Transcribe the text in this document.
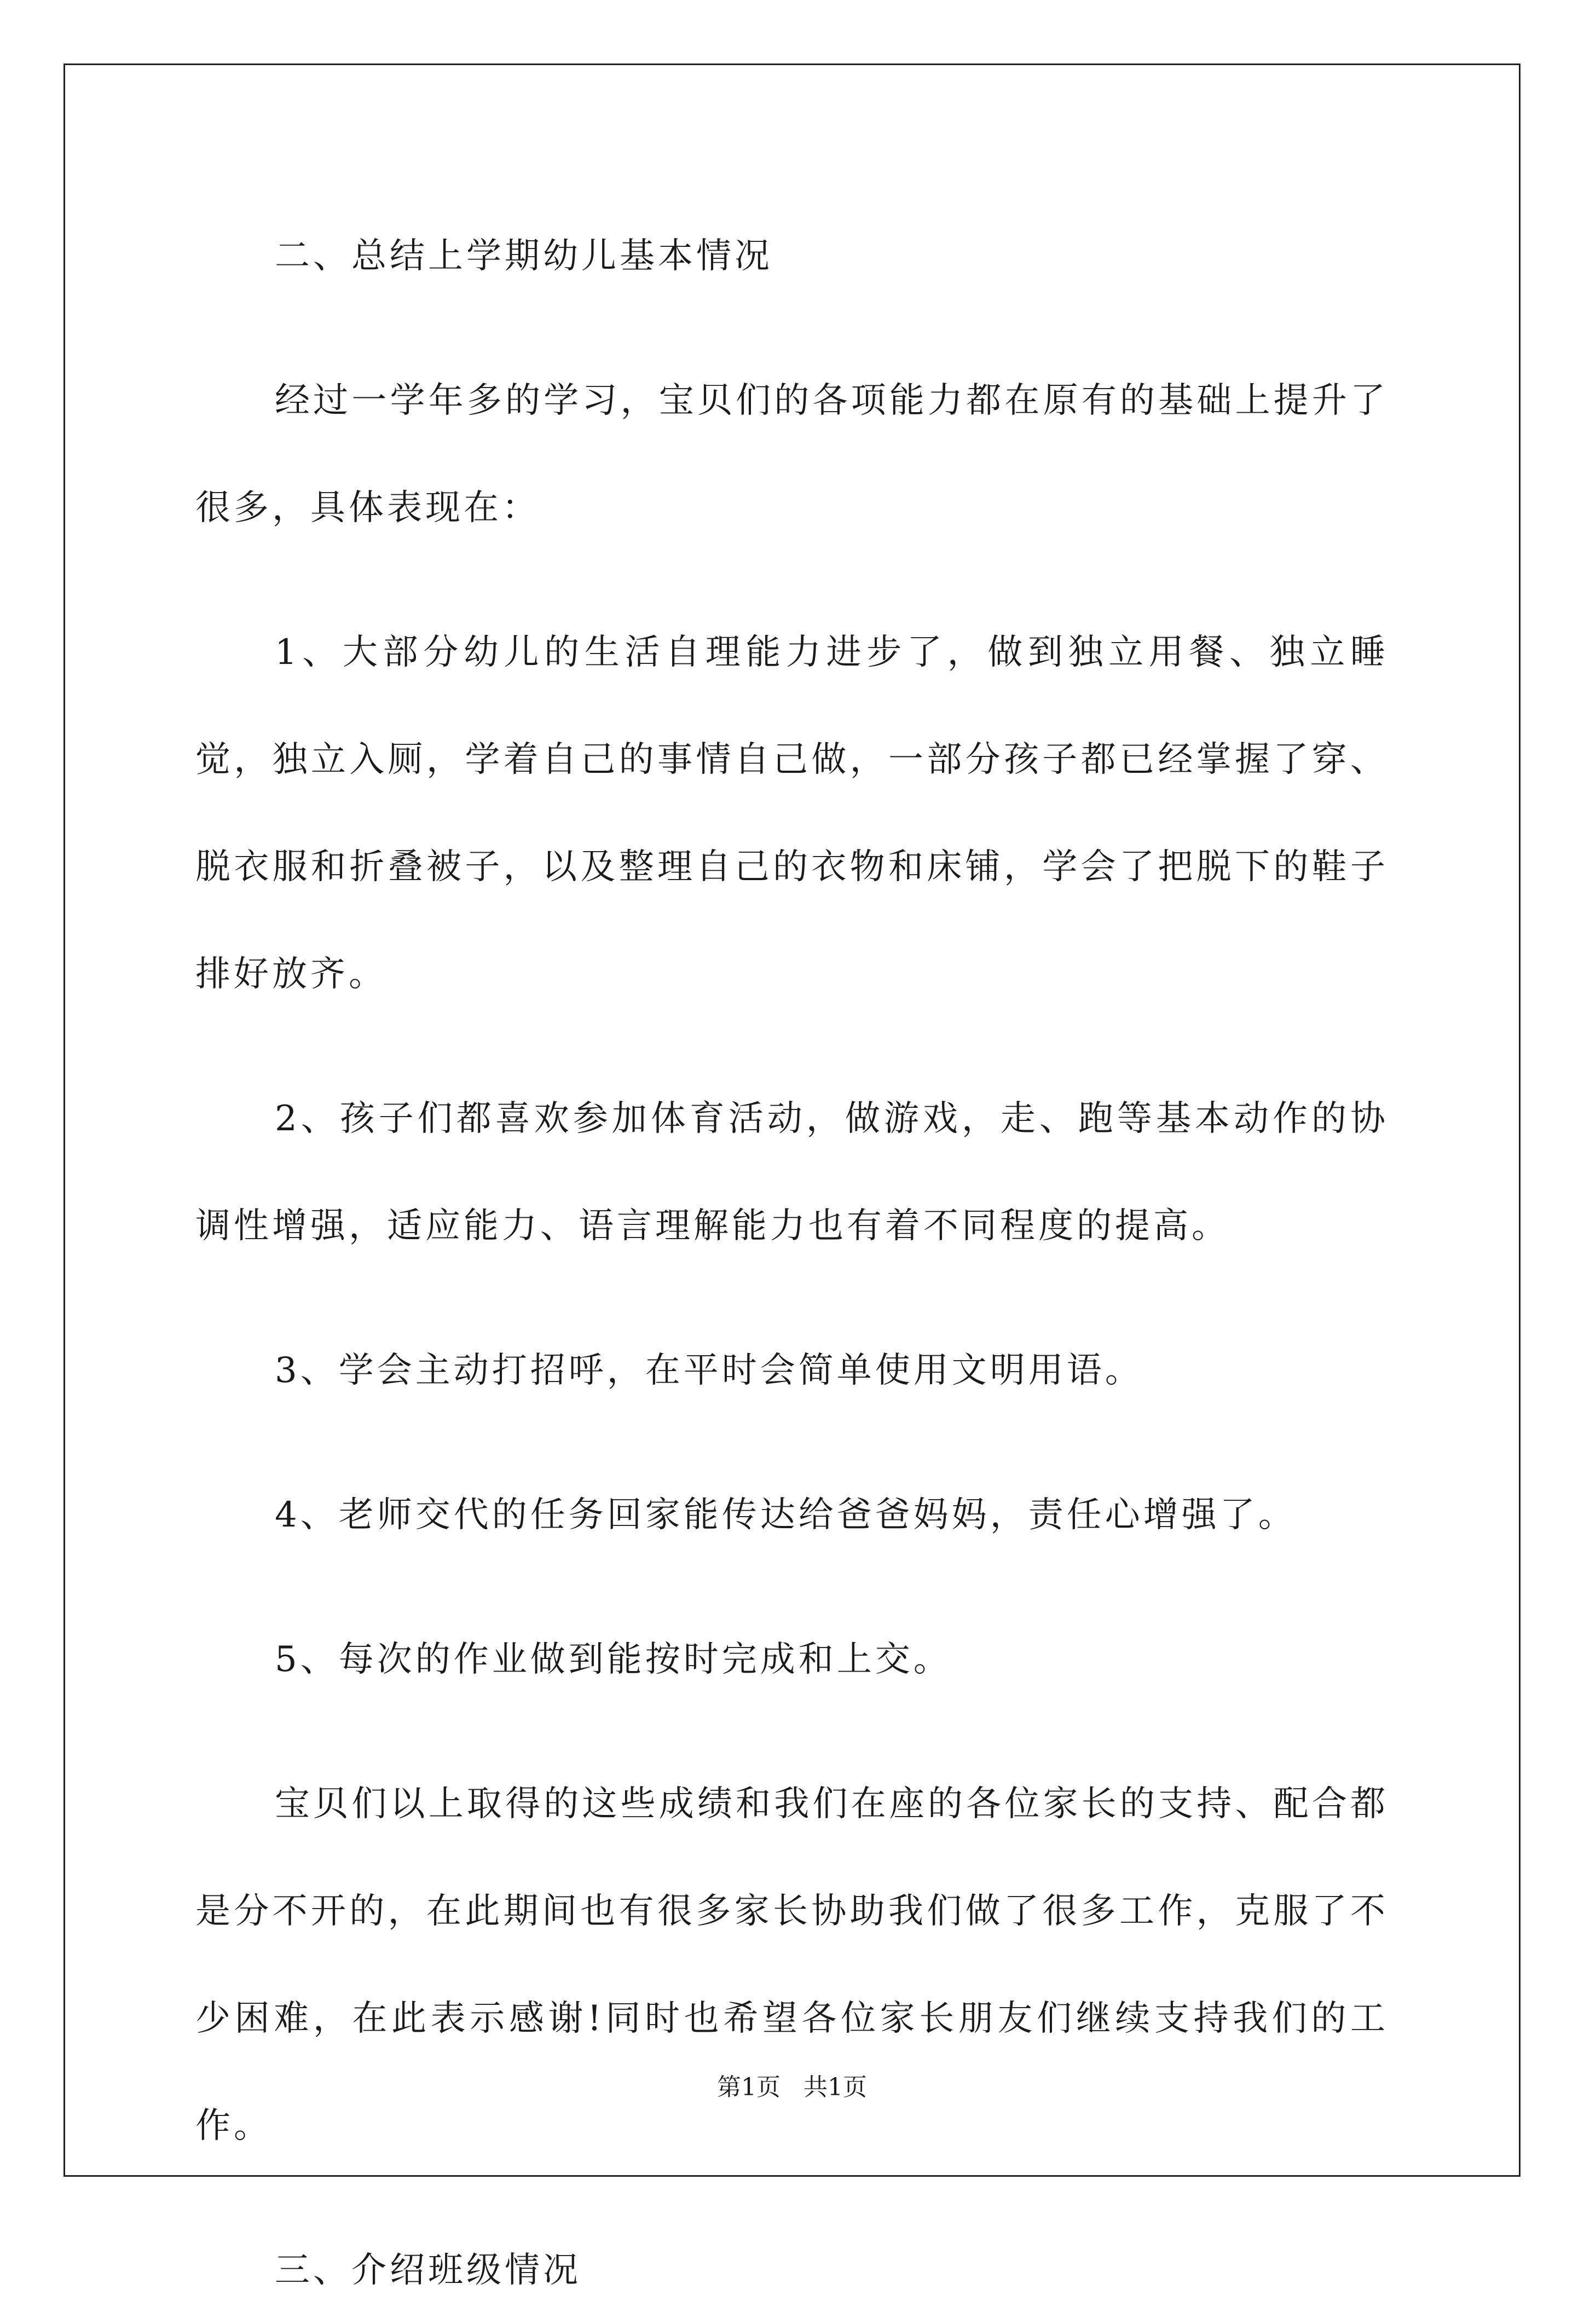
二、总结上学期幼儿基本情况

经过一学年多的学习，宝贝们的各项能力都在原有的基础上提升了很多，具体表现在：

1、大部分幼儿的生活自理能力进步了，做到独立用餐、独立睡觉，独立入厕，学着自己的事情自己做，一部分孩子都已经掌握了穿、脱衣服和折叠被子，以及整理自己的衣物和床铺，学会了把脱下的鞋子排好放齐。

2、孩子们都喜欢参加体育活动，做游戏，走、跑等基本动作的协调性增强，适应能力、语言理解能力也有着不同程度的提高。

3、学会主动打招呼，在平时会简单使用文明用语。

4、老师交代的任务回家能传达给爸爸妈妈，责任心增强了。

5、每次的作业做到能按时完成和上交。

宝贝们以上取得的这些成绩和我们在座的各位家长的支持、配合都是分不开的，在此期间也有很多家长协助我们做了很多工作，克服了不少困难，在此表示感谢!同时也希望各位家长朋友们继续支持我们的工作。

三、介绍班级情况

第1页   共1页
